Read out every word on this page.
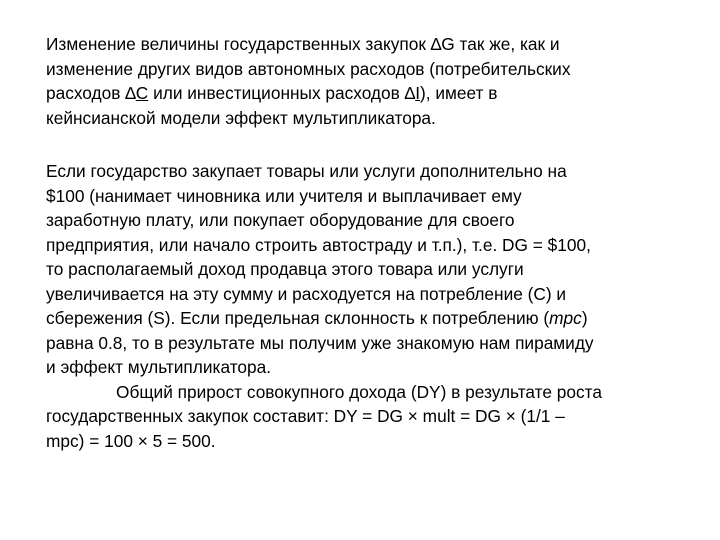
Изменение величины государственных закупок ∆G так же, как и
изменение других видов автономных расходов (потребительских
расходов ∆C или инвестиционных расходов ∆I), имеет в
кейнсианской модели эффект мультипликатора.
Если государство закупает товары или услуги дополнительно на
$100 (нанимает чиновника или учителя и выплачивает ему
заработную плату, или покупает оборудование для своего
предприятия, или начало строить автостраду и т.п.), т.е. DG = $100,
то располагаемый доход продавца этого товара или услуги
увеличивается на эту сумму и расходуется на потребление (С) и
сбережения (S). Если предельная склонность к потреблению (mpc)
равна 0.8, то в результате мы получим уже знакомую нам пирамиду
и эффект мультипликатора.
Общий прирост совокупного дохода (DY) в результате роста
государственных закупок составит: DY = DG × mult = DG × (1/1 –
mpc) = 100 × 5 = 500.
